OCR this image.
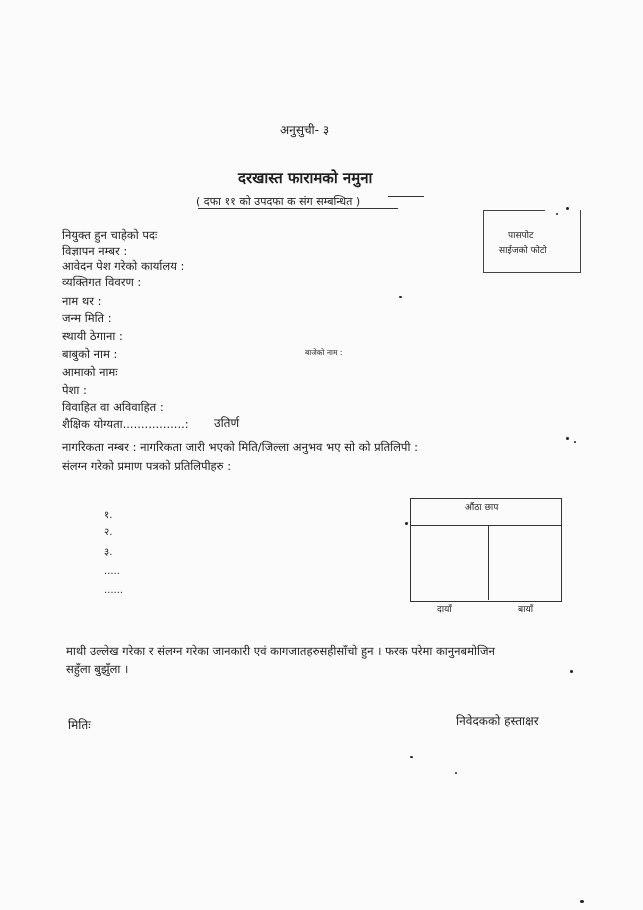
अनुसुची- ३
दरखास्त फारामको नमुना
( दफा ११ को उपदफा क संग सम्बन्धित )
पासपोट
साईजको फोटो
नियुक्त हुन चाहेको पदः
विज्ञापन नम्बर :
आवेदन पेश गरेको कार्यालय :
व्यक्तिगत विवरण :
नाम थर :
जन्म मिति :
स्थायी ठेगाना :
बाबुको नाम :	बाजेको नाम :
आमाको नामः
पेशा :
विवाहित वा अविवाहित :
शैक्षिक योग्यता.................: उतिर्ण
नागरिकता नम्बर : नागरिकता जारी भएको मिति/जिल्ला अनुभव भए सो को प्रतिलिपी :
संलग्न गरेको प्रमाण पत्रको प्रतिलिपीहरु :
१.
२.
३.
.....
......
औंठा छाप
दायाँ	बायाँ
माथी उल्लेख गरेका र संलग्न गरेका जानकारी एवं कागजातहरुसहीसाँचो हुन । फरक परेमा कानुनबमोजिन
सहुँला बुझुँला ।
मितिः	निवेदकको हस्ताक्षर
